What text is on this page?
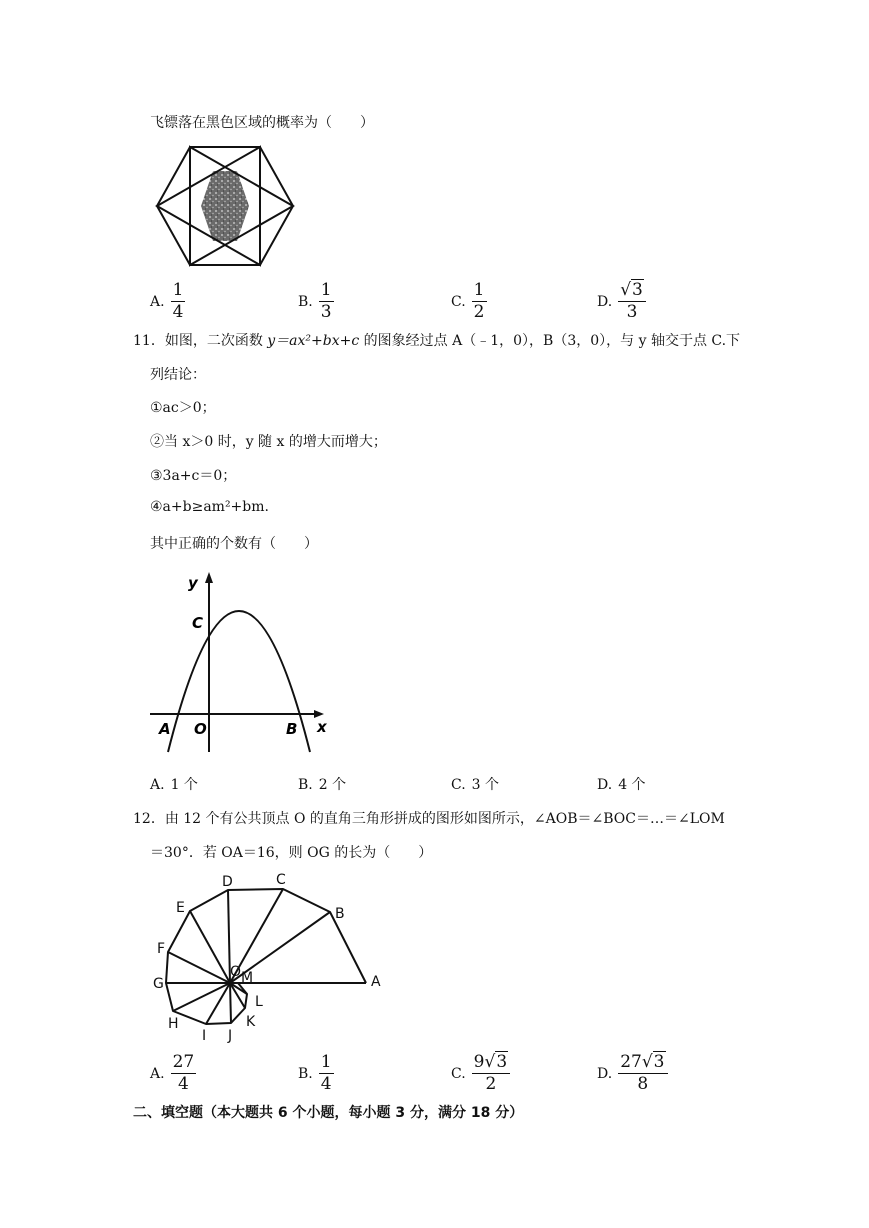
飞镖落在黑色区域的概率为（　　）
A. $\frac{1}{4}$	B. $\frac{1}{3}$	C. $\frac{1}{2}$	D. $\frac{√3}{3}$
11．如图，二次函数 y＝ax²+bx+c 的图象经过点 A（﹣1，0），B（3，0），与 y 轴交于点 C.下
列结论：
①ac＞0；
②当 x＞0 时，y 随 x 的增大而增大；
③3a+c＝0；
④a+b≥am²+bm.
其中正确的个数有（　　）
y
C
A O	B x
A. 1 个	B. 2 个	C. 3 个	D. 4 个
12．由 12 个有公共顶点 O 的直角三角形拼成的图形如图所示，∠AOB＝∠BOC＝…＝∠LOM
＝30°．若 OA＝16，则 OG 的长为（　　）
A
B
C
D
E
F
G
H
I J
K
L
M
O
A. $\frac{27}{4}$	B. $\frac{1}{4}$	C. $\frac{9√3}{2}$	D. $\frac{27√3}{8}$
二、填空题（本大题共 6 个小题，每小题 3 分，满分 18 分）
